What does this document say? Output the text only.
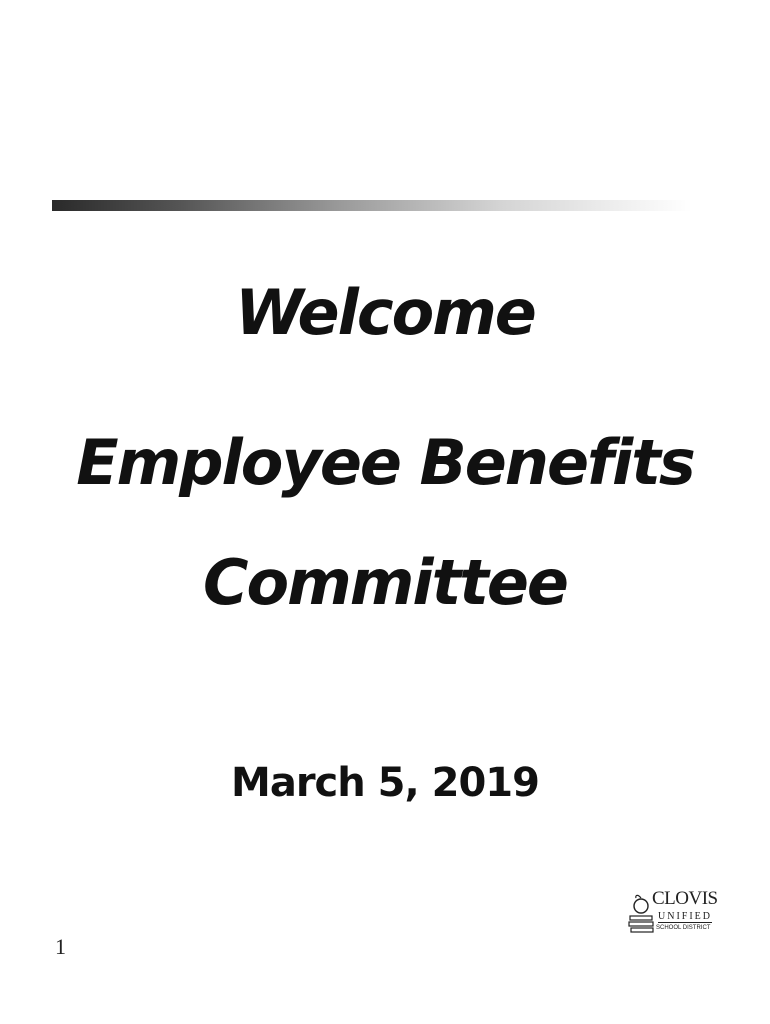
Welcome
Employee Benefits
Committee
March 5, 2019
1
CLOVIS
UNIFIED
SCHOOL DISTRICT
